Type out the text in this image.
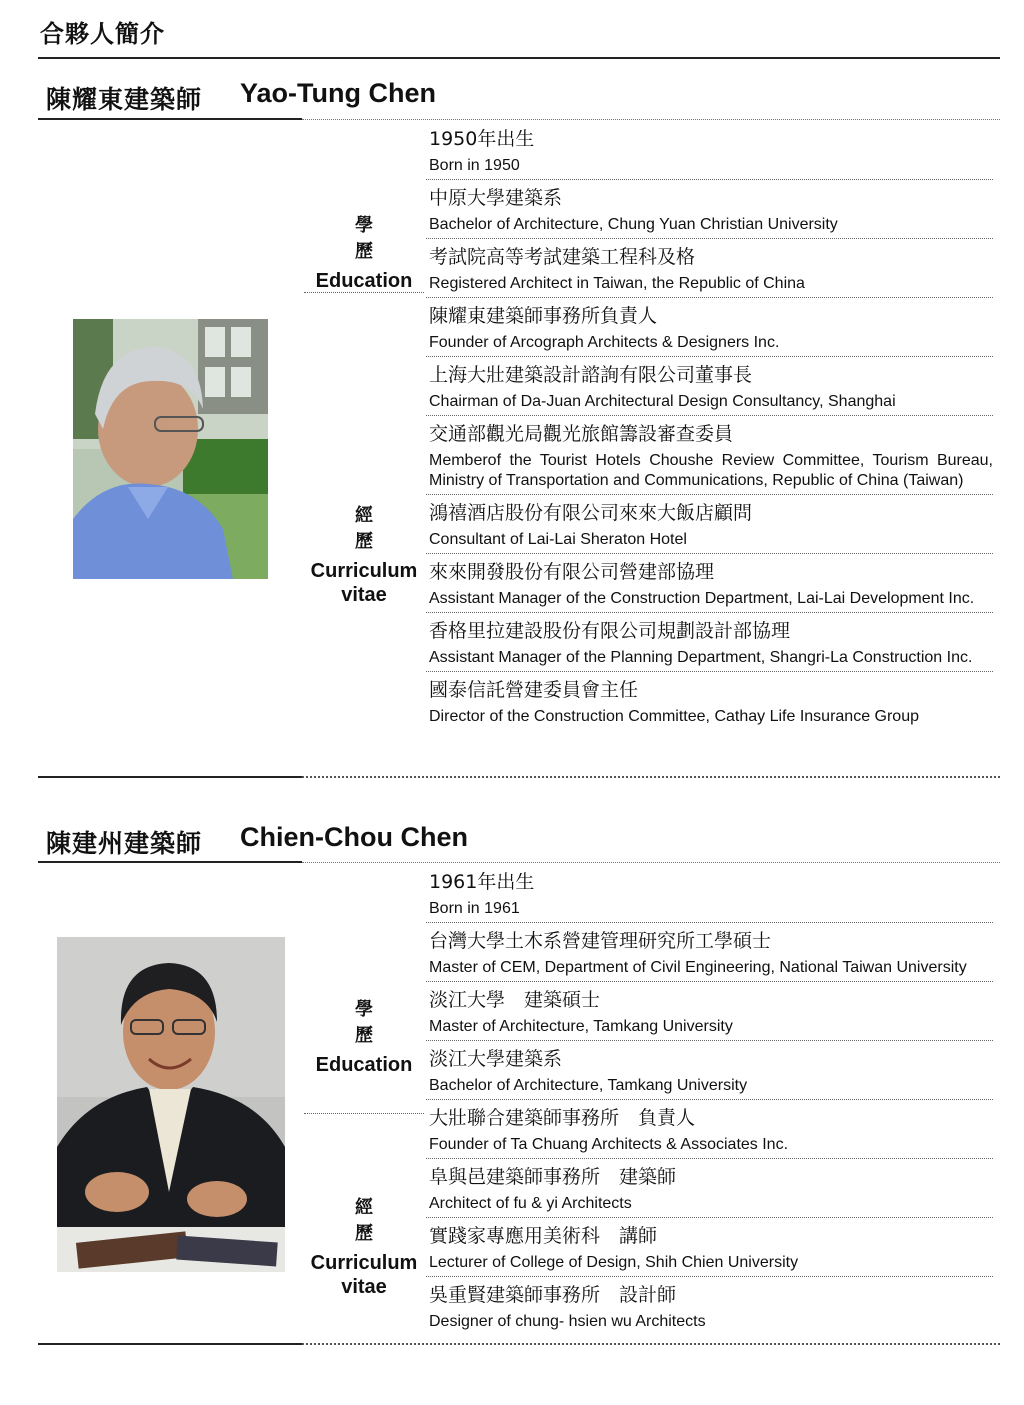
合夥人簡介
陳耀東建築師 Yao-Tung Chen
學歷
Education
經歷
Curriculum vitae
1950年出生
Born in 1950
中原大學建築系
Bachelor of Architecture, Chung Yuan Christian University
考試院高等考試建築工程科及格
Registered Architect in Taiwan, the Republic of China
陳耀東建築師事務所負責人
Founder of Arcograph Architects & Designers Inc.
上海大壯建築設計諮詢有限公司董事長
Chairman of Da-Juan Architectural Design Consultancy, Shanghai
交通部觀光局觀光旅館籌設審查委員
Memberof the Tourist Hotels Choushe Review Committee, Tourism Bureau, Ministry of Transportation and Communications, Republic of China (Taiwan)
鴻禧酒店股份有限公司來來大飯店顧問
Consultant of Lai-Lai Sheraton Hotel
來來開發股份有限公司營建部協理
Assistant Manager of the Construction Department, Lai-Lai Development Inc.
香格里拉建設股份有限公司規劃設計部協理
Assistant Manager of the Planning Department, Shangri-La Construction Inc.
國泰信託營建委員會主任
Director of the Construction Committee, Cathay Life Insurance Group
陳建州建築師 Chien-Chou Chen
學歷
Education
經歷
Curriculum vitae
1961年出生
Born in 1961
台灣大學土木系營建管理研究所工學碩士
Master of CEM, Department of Civil Engineering, National Taiwan University
淡江大學　建築碩士
Master of Architecture, Tamkang University
淡江大學建築系
Bachelor of Architecture, Tamkang University
大壯聯合建築師事務所　負責人
Founder of Ta Chuang Architects & Associates Inc.
阜與邑建築師事務所　建築師
Architect of fu & yi Architects
實踐家專應用美術科　講師
Lecturer of College of Design, Shih Chien University
吳重賢建築師事務所　設計師
Designer of chung- hsien wu Architects
